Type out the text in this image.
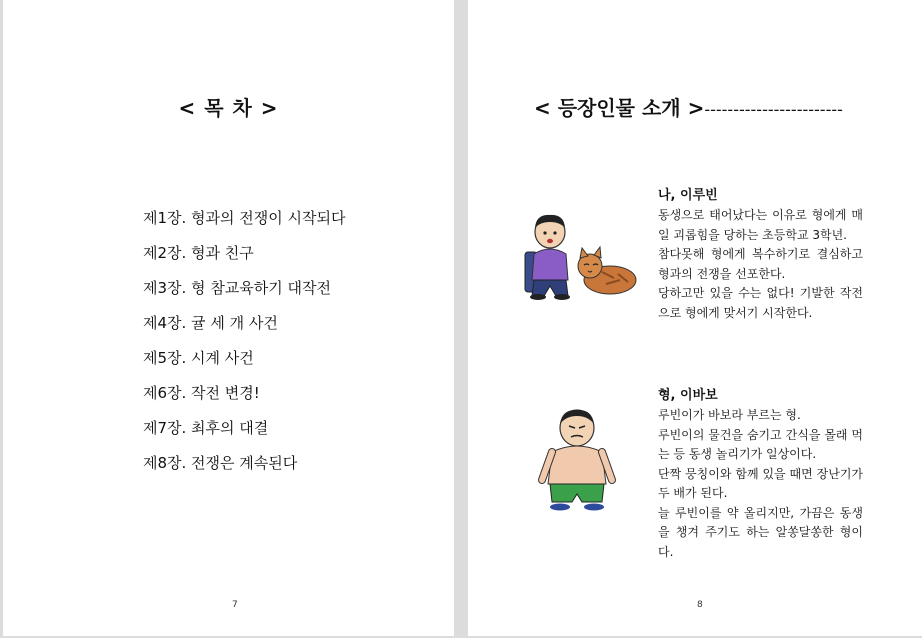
< 목 차 >
제1장. 형과의 전쟁이 시작되다
제2장. 형과 친구
제3장. 형 참교육하기 대작전
제4장. 귤 세 개 사건
제5장. 시계 사건
제6장. 작전 변경!
제7장. 최후의 대결
제8장. 전쟁은 계속된다
7
< 등장인물 소개 >------------------------
나, 이루빈

동생으로 태어났다는 이유로 형에게 매일 괴롭힘을 당하는 초등학교 3학년.

참다못해 형에게 복수하기로 결심하고 형과의 전쟁을 선포한다.

당하고만 있을 수는 없다! 기발한 작전으로 형에게 맞서기 시작한다.

형, 이바보

루빈이가 바보라 부르는 형.

루빈이의 물건을 숨기고 간식을 몰래 먹는 등 동생 놀리기가 일상이다.

단짝 뭉칭이와 함께 있을 때면 장난기가 두 배가 된다.

늘 루빈이를 약 올리지만, 가끔은 동생을 챙겨 주기도 하는 알쏭달쏭한 형이다.

8
